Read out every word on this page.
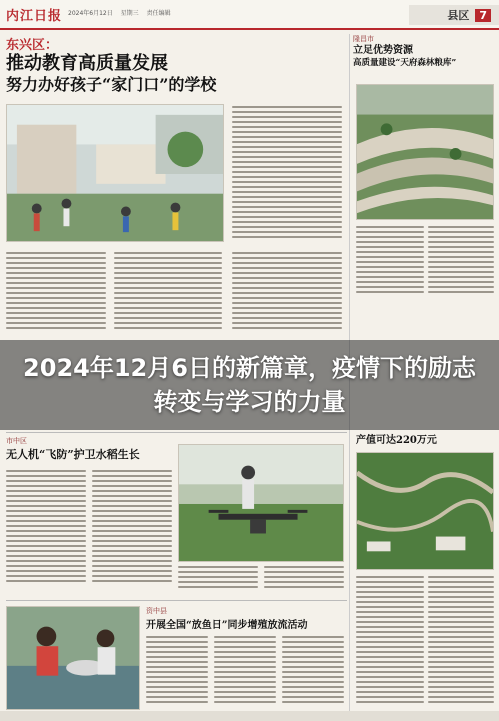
内江日报 2024年6月12日 星期三 责任编辑	县区 7
东兴区：
推动教育高质量发展
努力办好孩子“家门口”的学校
隆昌市
立足优势资源
高质量建设“天府森林粮库”
2024年12月6日的新篇章，疫情下的励志转变与学习的力量
产值可达220万元
市中区
无人机“飞防”护卫水稻生长
资中县
开展全国“放鱼日”同步增殖放流活动
